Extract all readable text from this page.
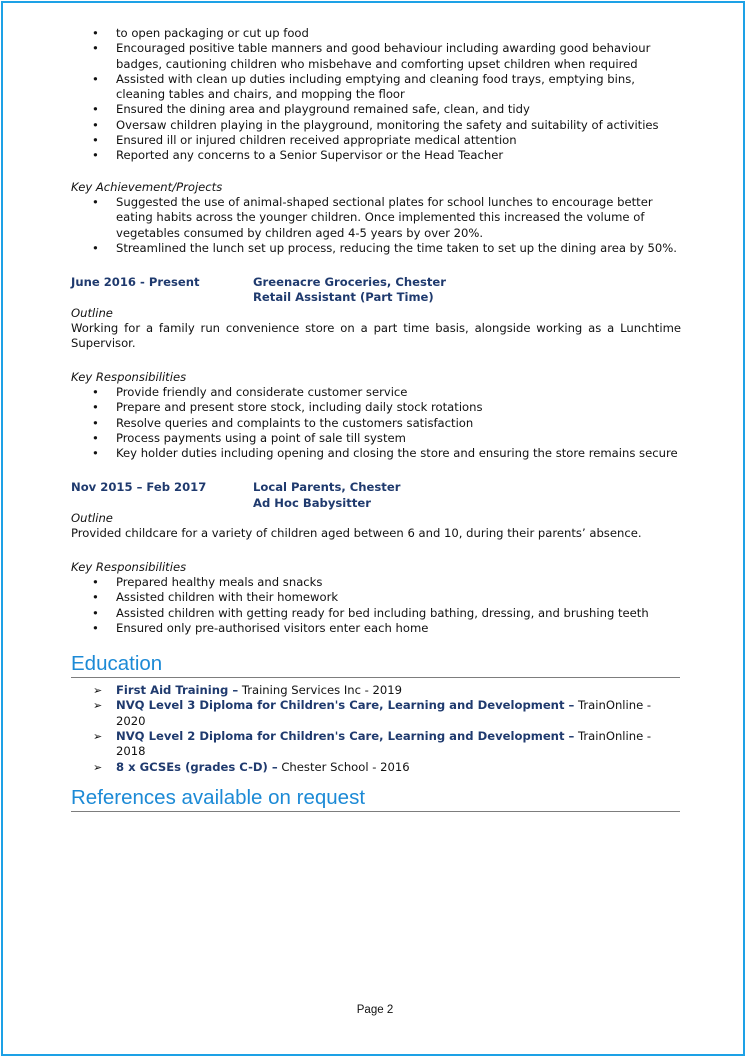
• to open packaging or cut up food
• Encouraged positive table manners and good behaviour including awarding good behaviour badges, cautioning children who misbehave and comforting upset children when required
• Assisted with clean up duties including emptying and cleaning food trays, emptying bins, cleaning tables and chairs, and mopping the floor
• Ensured the dining area and playground remained safe, clean, and tidy
• Oversaw children playing in the playground, monitoring the safety and suitability of activities
• Ensured ill or injured children received appropriate medical attention
• Reported any concerns to a Senior Supervisor or the Head Teacher
Key Achievement/Projects
• Suggested the use of animal-shaped sectional plates for school lunches to encourage better eating habits across the younger children. Once implemented this increased the volume of vegetables consumed by children aged 4-5 years by over 20%.
• Streamlined the lunch set up process, reducing the time taken to set up the dining area by 50%.
June 2016 - Present	Greenacre Groceries, Chester
Retail Assistant (Part Time)
Outline
Working for a family run convenience store on a part time basis, alongside working as a Lunchtime Supervisor.
Key Responsibilities
• Provide friendly and considerate customer service
• Prepare and present store stock, including daily stock rotations
• Resolve queries and complaints to the customers satisfaction
• Process payments using a point of sale till system
• Key holder duties including opening and closing the store and ensuring the store remains secure
Nov 2015 – Feb 2017	Local Parents, Chester
Ad Hoc Babysitter
Outline
Provided childcare for a variety of children aged between 6 and 10, during their parents’ absence.
Key Responsibilities
• Prepared healthy meals and snacks
• Assisted children with their homework
• Assisted children with getting ready for bed including bathing, dressing, and brushing teeth
• Ensured only pre-authorised visitors enter each home
Education
➢ First Aid Training – Training Services Inc - 2019
➢ NVQ Level 3 Diploma for Children's Care, Learning and Development – TrainOnline - 2020
➢ NVQ Level 2 Diploma for Children's Care, Learning and Development – TrainOnline - 2018
➢ 8 x GCSEs (grades C-D) – Chester School - 2016
References available on request
Page 2
